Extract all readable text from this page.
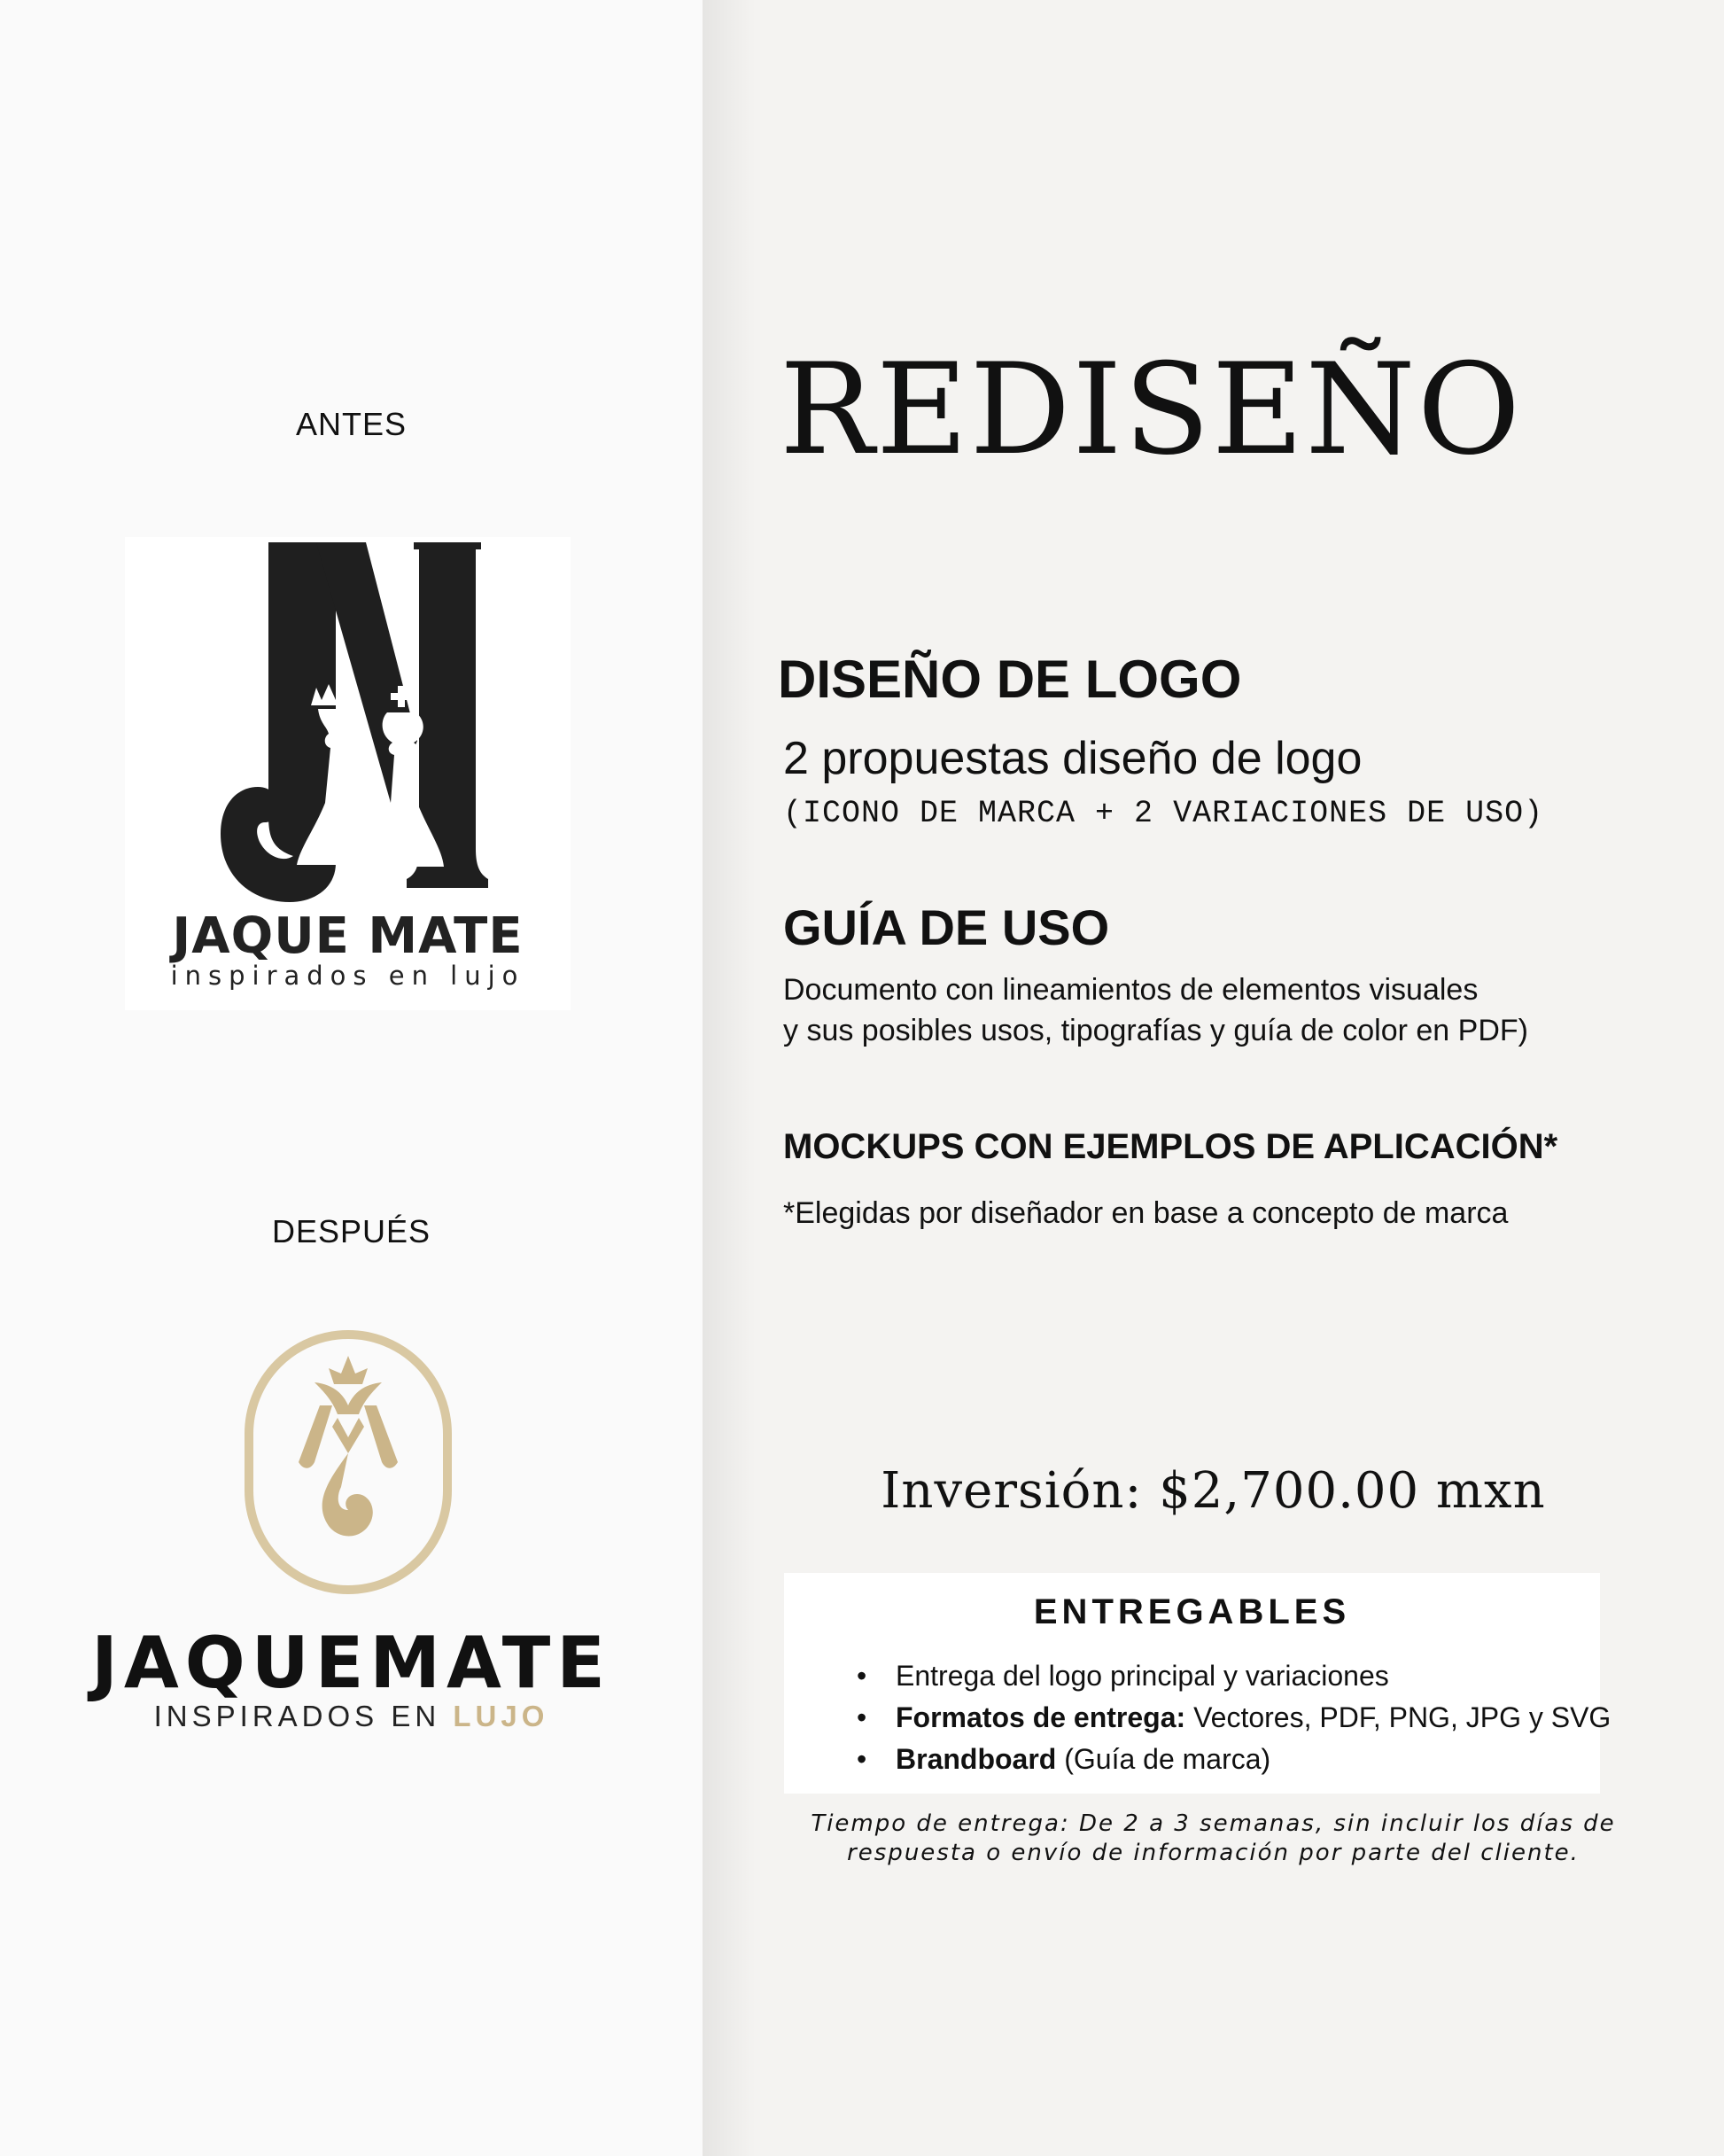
ANTES
JAQUE MATE
inspirados en lujo
DESPUÉS
JAQUEMATE
INSPIRADOS EN LUJO
REDISEÑO
DISEÑO DE LOGO
2 propuestas diseño de logo
(ICONO DE MARCA + 2 VARIACIONES DE USO)
GUÍA DE USO
Documento con lineamientos de elementos visuales
y sus posibles usos, tipografías y guía de color en PDF)
MOCKUPS CON EJEMPLOS DE APLICACIÓN*
*Elegidas por diseñador en base a concepto de marca
Inversión: $2,700.00 mxn
ENTREGABLES
• Entrega del logo principal y variaciones
• Formatos de entrega: Vectores, PDF, PNG, JPG y SVG
• Brandboard (Guía de marca)
Tiempo de entrega: De 2 a 3 semanas, sin incluir los días de
respuesta o envío de información por parte del cliente.
